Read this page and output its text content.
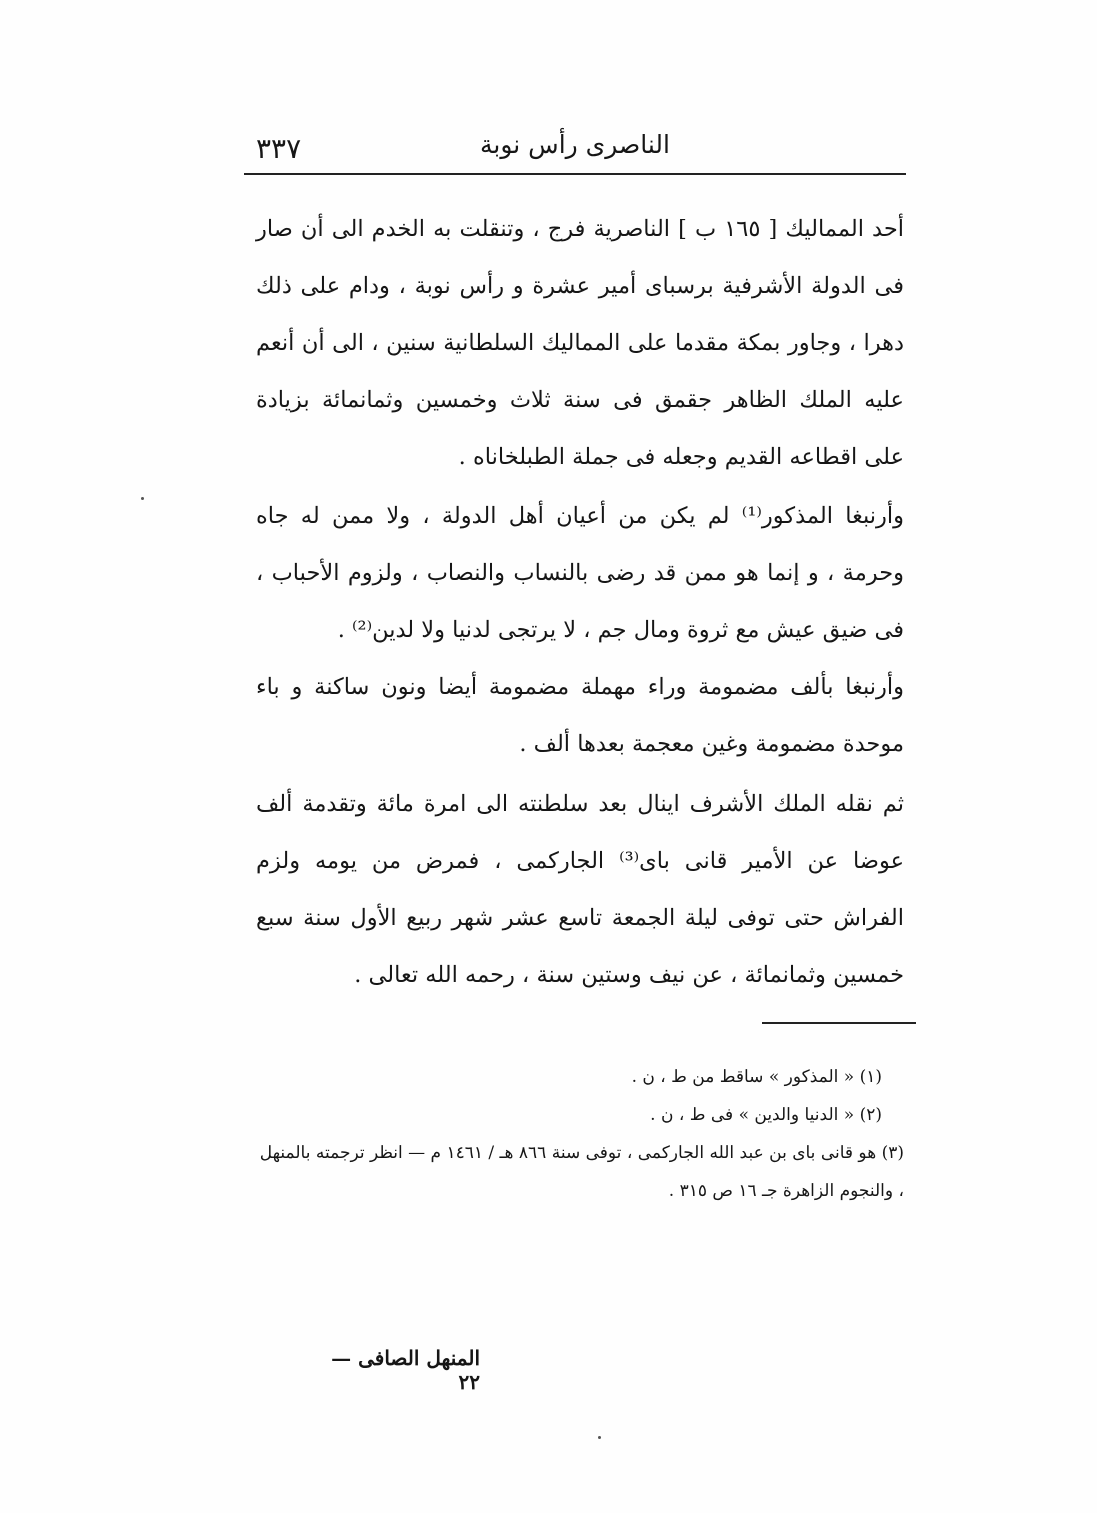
٣٣٧	الناصرى رأس نوبة

أحد المماليك [ ١٦٥ ب ] الناصرية فرج ، وتنقلت به الخدم الى أن صار فى الدولة الأشرفية برسباى أمير عشرة و رأس نوبة ، ودام على ذلك دهرا ، وجاور بمكة مقدما على المماليك السلطانية سنين ، الى أن أنعم عليه الملك الظاهر جقمق فى سنة ثلاث وخمسين وثمانمائة بزيادة على اقطاعه القديم وجعله فى جملة الطبلخاناه .

وأرنبغا المذكور⁽¹⁾ لم يكن من أعيان أهل الدولة ، ولا ممن له جاه وحرمة ، و إنما هو ممن قد رضى بالنساب والنصاب ، ولزوم الأحباب ، فى ضيق عيش مع ثروة ومال جم ، لا يرتجى لدنيا ولا لدين⁽²⁾ .

وأرنبغا بألف مضمومة وراء مهملة مضمومة أيضا ونون ساكنة و باء موحدة مضمومة وغين معجمة بعدها ألف .

ثم نقله الملك الأشرف اينال بعد سلطنته الى امرة مائة وتقدمة ألف عوضا عن الأمير قانى باى⁽³⁾ الجاركمى ، فمرض من يومه ولزم الفراش حتى توفى ليلة الجمعة تاسع عشر شهر ربيع الأول سنة سبع خمسين وثمانمائة ، عن نيف وستين سنة ، رحمه الله تعالى .

(١) « المذكور » ساقط من ط ، ن .

(٢) « الدنيا والدين » فى ط ، ن .

(٣) هو قانى باى بن عبد الله الجاركمى ، توفى سنة ٨٦٦ هـ / ١٤٦١ م — انظر ترجمته بالمنهل ، والنجوم الزاهرة جـ ١٦ ص ٣١٥ .

المنهل الصافى — ٢٢
